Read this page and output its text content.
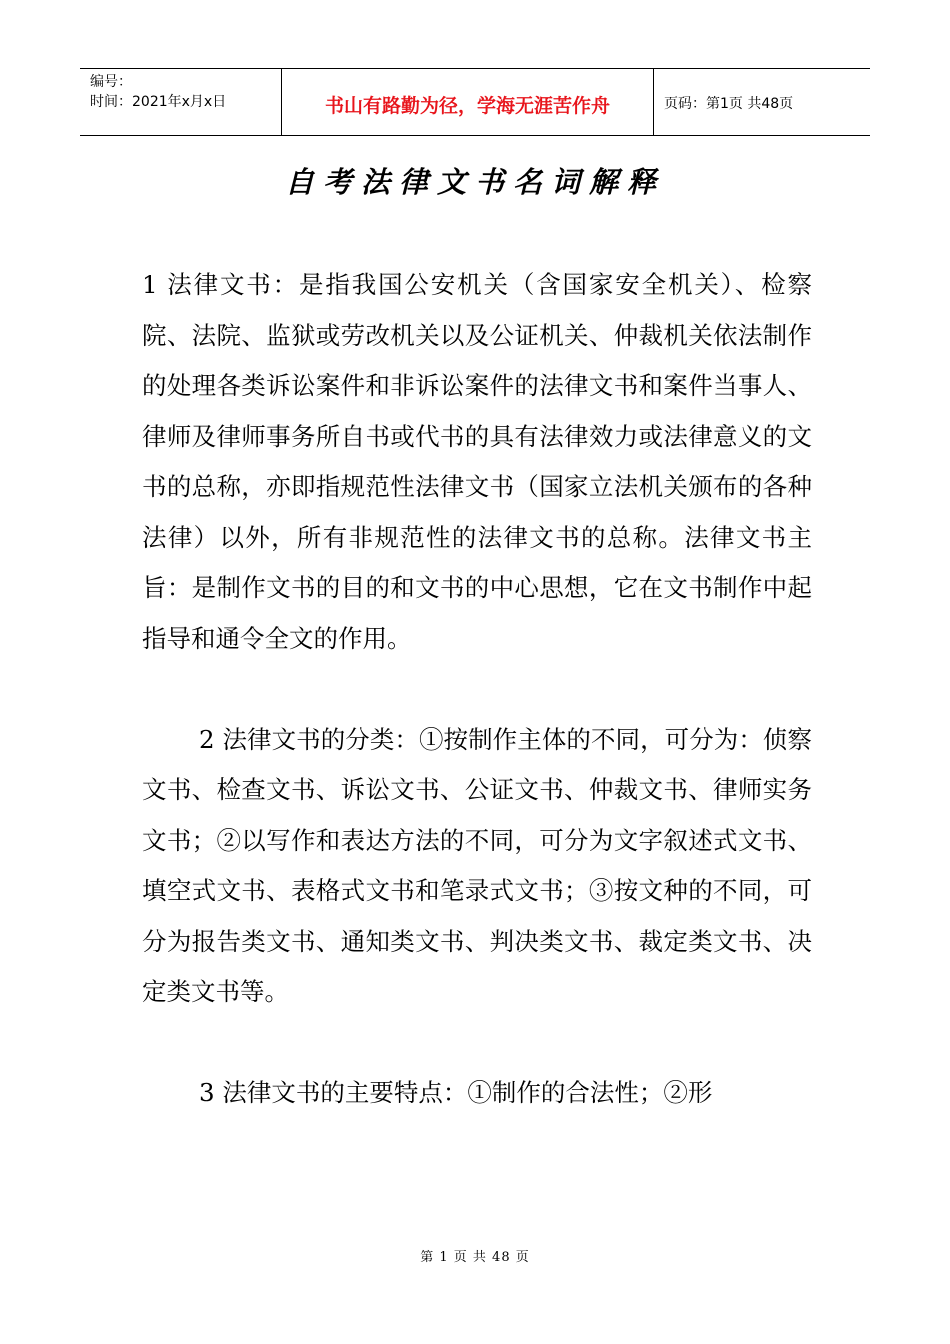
编号：
时间：2021年x月x日	书山有路勤为径，学海无涯苦作舟	页码：第1页 共48页
自考法律文书名词解释

1 法律文书：是指我国公安机关（含国家安全机关）、检察院、法院、监狱或劳改机关以及公证机关、仲裁机关依法制作的处理各类诉讼案件和非诉讼案件的法律文书和案件当事人、律师及律师事务所自书或代书的具有法律效力或法律意义的文书的总称，亦即指规范性法律文书（国家立法机关颁布的各种法律）以外，所有非规范性的法律文书的总称。法律文书主旨：是制作文书的目的和文书的中心思想，它在文书制作中起指导和通令全文的作用。

2 法律文书的分类：①按制作主体的不同，可分为：侦察文书、检查文书、诉讼文书、公证文书、仲裁文书、律师实务文书；②以写作和表达方法的不同，可分为文字叙述式文书、填空式文书、表格式文书和笔录式文书；③按文种的不同，可分为报告类文书、通知类文书、判决类文书、裁定类文书、决定类文书等。

3 法律文书的主要特点：①制作的合法性；②形

第 1 页 共 48 页
